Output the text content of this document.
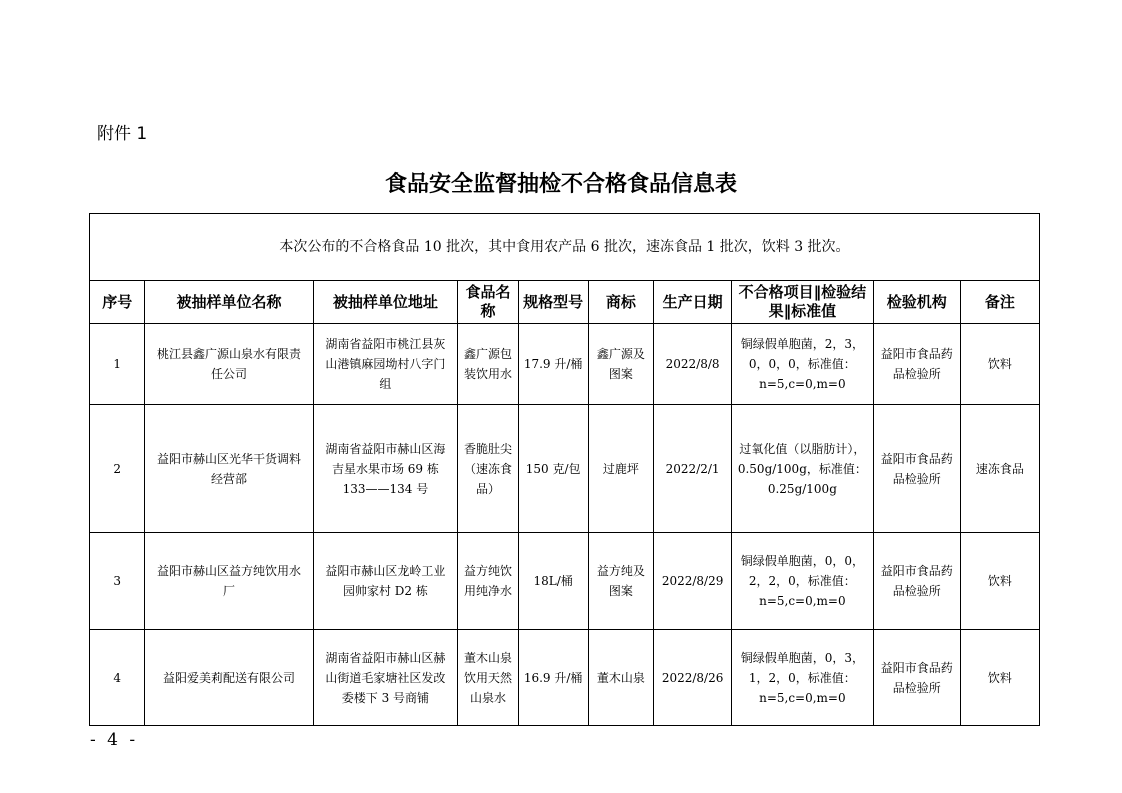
附件 1
食品安全监督抽检不合格食品信息表
本次公布的不合格食品 10 批次，其中食用农产品 6 批次，速冻食品 1 批次，饮料 3 批次。									
序号	被抽样单位名称	被抽样单位地址	食品名称	规格型号	商标	生产日期	不合格项目‖检验结果‖标准值	检验机构	备注
1	桃江县鑫广源山泉水有限责任公司	湖南省益阳市桃江县灰山港镇麻园坳村八字门组	鑫广源包装饮用水	17.9 升/桶	鑫广源及图案	2022/8/8	铜绿假单胞菌，2，3，0，0，0，标准值：n=5,c=0,m=0	益阳市食品药品检验所	饮料
2	益阳市赫山区光华干货调料经营部	湖南省益阳市赫山区海吉星水果市场 69 栋 133——134 号	香脆肚尖（速冻食品）	150 克/包	过鹿坪	2022/2/1	过氧化值（以脂肪计），0.50g/100g，标准值：0.25g/100g	益阳市食品药品检验所	速冻食品
3	益阳市赫山区益方纯饮用水厂	益阳市赫山区龙岭工业园帅家村 D2 栋	益方纯饮用纯净水	18L/桶	益方纯及图案	2022/8/29	铜绿假单胞菌，0，0，2，2，0，标准值：n=5,c=0,m=0	益阳市食品药品检验所	饮料
4	益阳爱美莉配送有限公司	湖南省益阳市赫山区赫山街道毛家塘社区发改委楼下 3 号商铺	董木山泉饮用天然山泉水	16.9 升/桶	董木山泉	2022/8/26	铜绿假单胞菌，0，3，1，2，0，标准值：n=5,c=0,m=0	益阳市食品药品检验所	饮料
- 4 -
